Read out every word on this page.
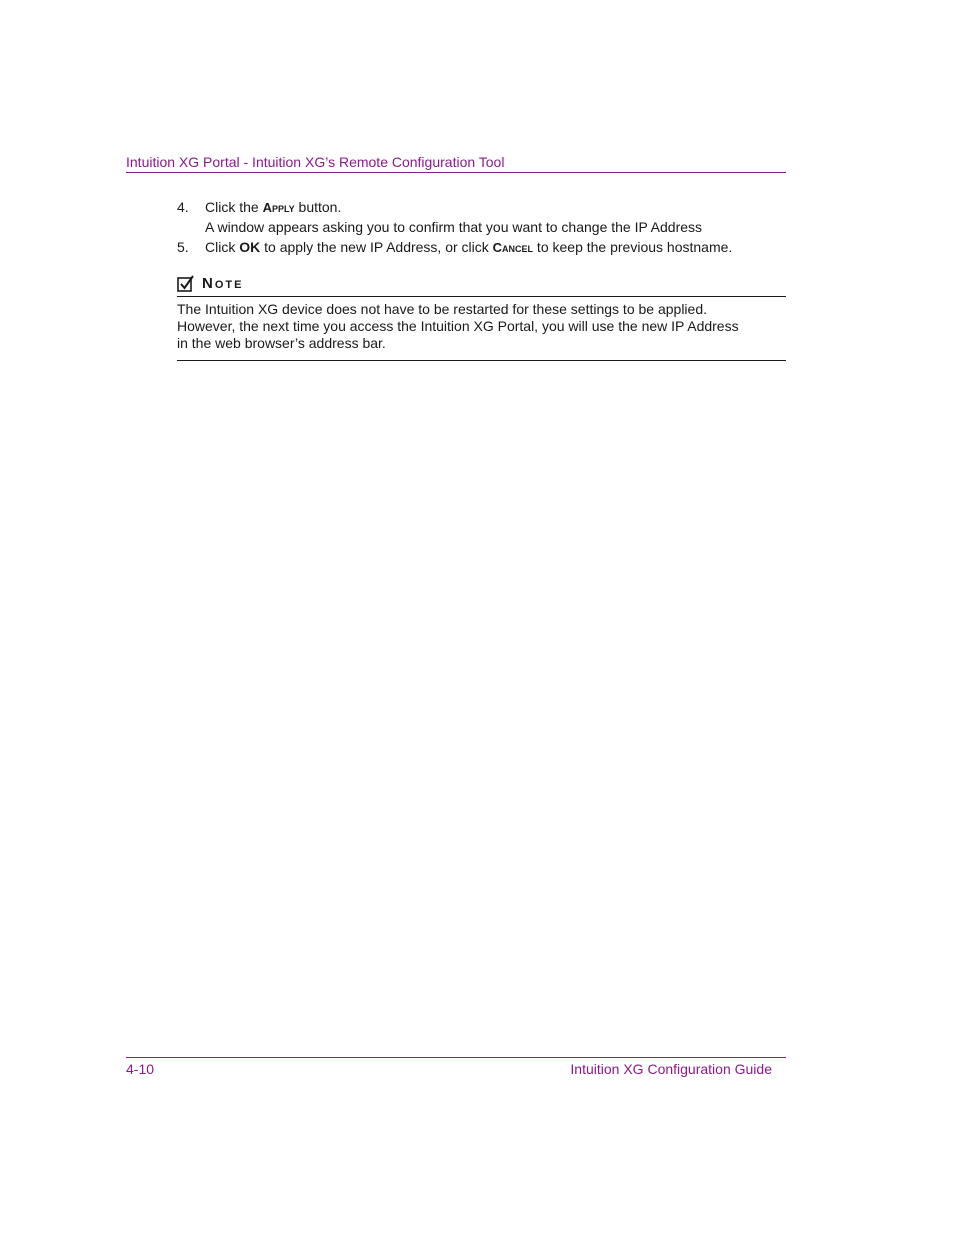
Intuition XG Portal - Intuition XG’s Remote Configuration Tool
4. Click the Apply button.
A window appears asking you to confirm that you want to change the IP Address
5. Click OK to apply the new IP Address, or click Cancel to keep the previous hostname.
Note
The Intuition XG device does not have to be restarted for these settings to be applied.
However, the next time you access the Intuition XG Portal, you will use the new IP Address
in the web browser’s address bar.
4-10	Intuition XG Configuration Guide
